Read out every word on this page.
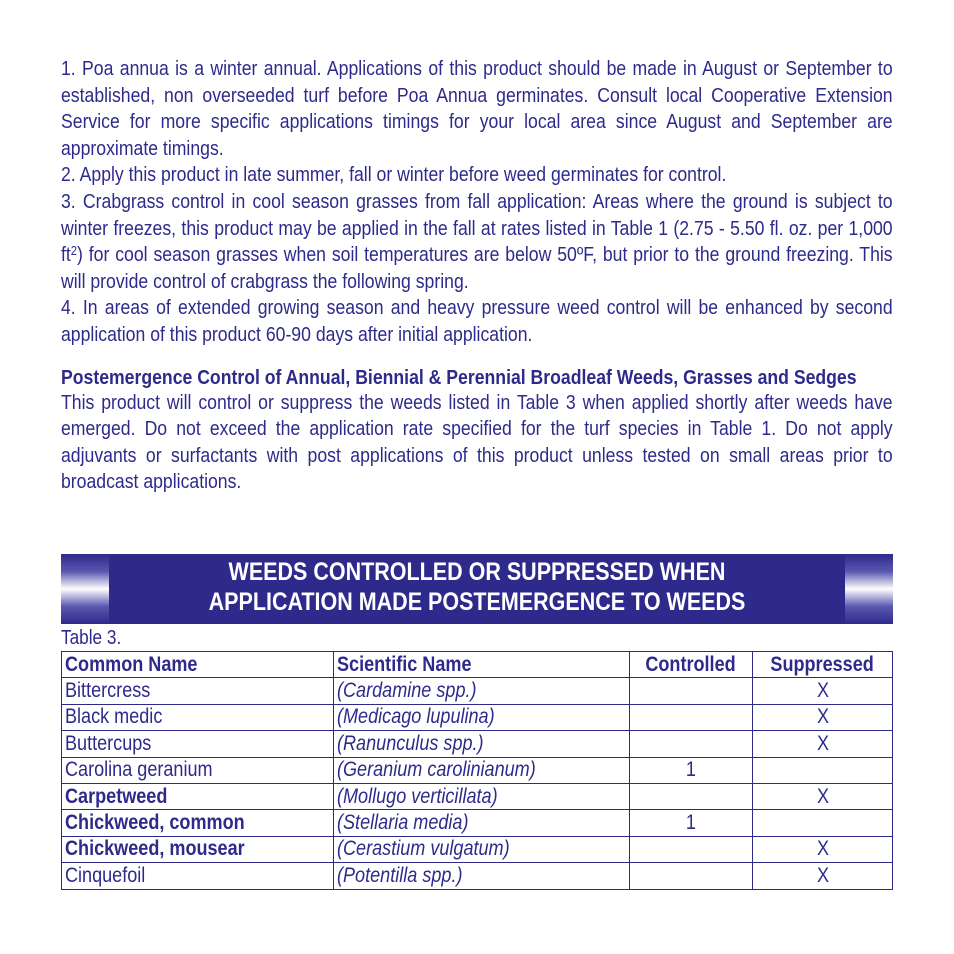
1. Poa annua is a winter annual. Applications of this product should be made in August or September to established, non overseeded turf before Poa Annua germinates. Consult local Cooperative Extension Service for more specific applications timings for your local area since August and September are approximate timings.

2. Apply this product in late summer, fall or winter before weed germinates for control.

3. Crabgrass control in cool season grasses from fall application: Areas where the ground is subject to winter freezes, this product may be applied in the fall at rates listed in Table 1 (2.75 - 5.50 fl. oz. per 1,000 $ft^2$) for cool season grasses when soil temperatures are below 50ºF, but prior to the ground freezing. This will provide control of crabgrass the following spring.

4. In areas of extended growing season and heavy pressure weed control will be enhanced by second application of this product 60-90 days after initial application.

Postemergence Control of Annual, Biennial & Perennial Broadleaf Weeds, Grasses and Sedges
This product will control or suppress the weeds listed in Table 3 when applied shortly after weeds have emerged. Do not exceed the application rate specified for the turf species in Table 1. Do not apply adjuvants or surfactants with post applications of this product unless tested on small areas prior to broadcast applications.
WEEDS CONTROLLED OR SUPPRESSED WHEN
APPLICATION MADE POSTEMERGENCE TO WEEDS
Table 3.
Common Name	Scientific Name	Controlled	Suppressed
Bittercress	(Cardamine spp.)		X
Black medic	(Medicago lupulina)		X
Buttercups	(Ranunculus spp.)		X
Carolina geranium	(Geranium carolinianum)	1	
Carpetweed	(Mollugo verticillata)		X
Chickweed, common	(Stellaria media)	1	
Chickweed, mousear	(Cerastium vulgatum)		X
Cinquefoil	(Potentilla spp.)		X
